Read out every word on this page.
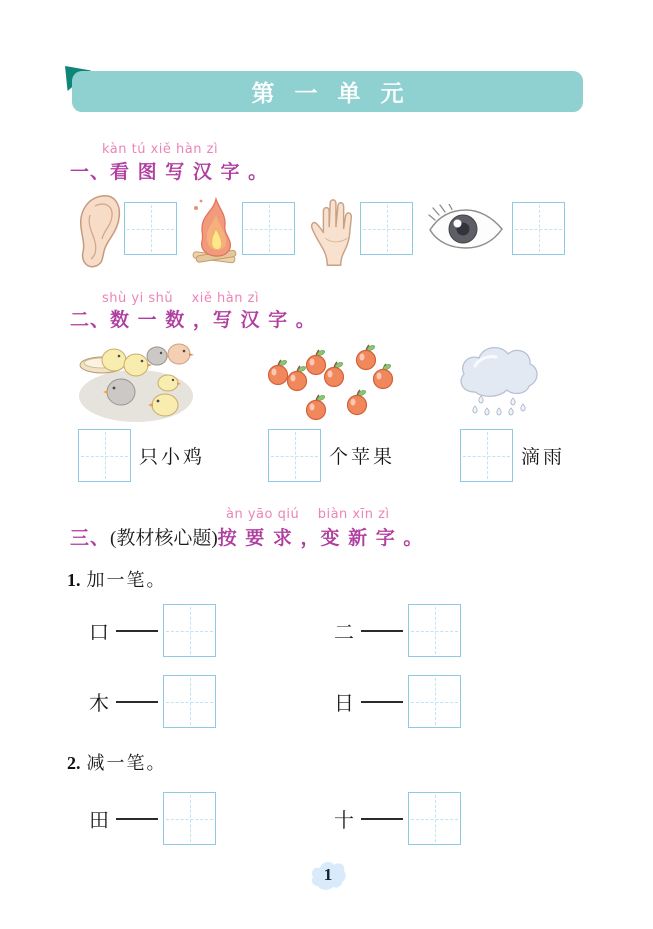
第 一 单 元
kàn tú xiě hàn zì
一、看 图 写 汉 字 。
shù yi shǔ    xiě hàn zì
二、数 一 数 ，写 汉 字 。
只小鸡	个苹果	滴雨
àn yāo qiú    biàn xīn zì
三、(教材核心题)按 要 求 ，变 新 字 。
1. 加一笔。
口	二
木	日
2. 减一笔。
田	十
1
